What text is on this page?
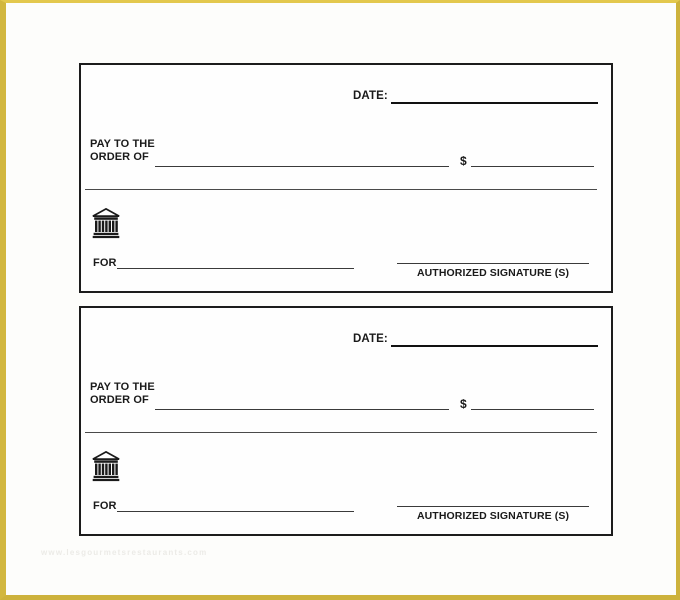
DATE:
PAY TO THE
ORDER OF	$
FOR
AUTHORIZED SIGNATURE (S)
DATE:
PAY TO THE
ORDER OF	$
FOR
AUTHORIZED SIGNATURE (S)
www.lesgourmetsrestaurants.com
